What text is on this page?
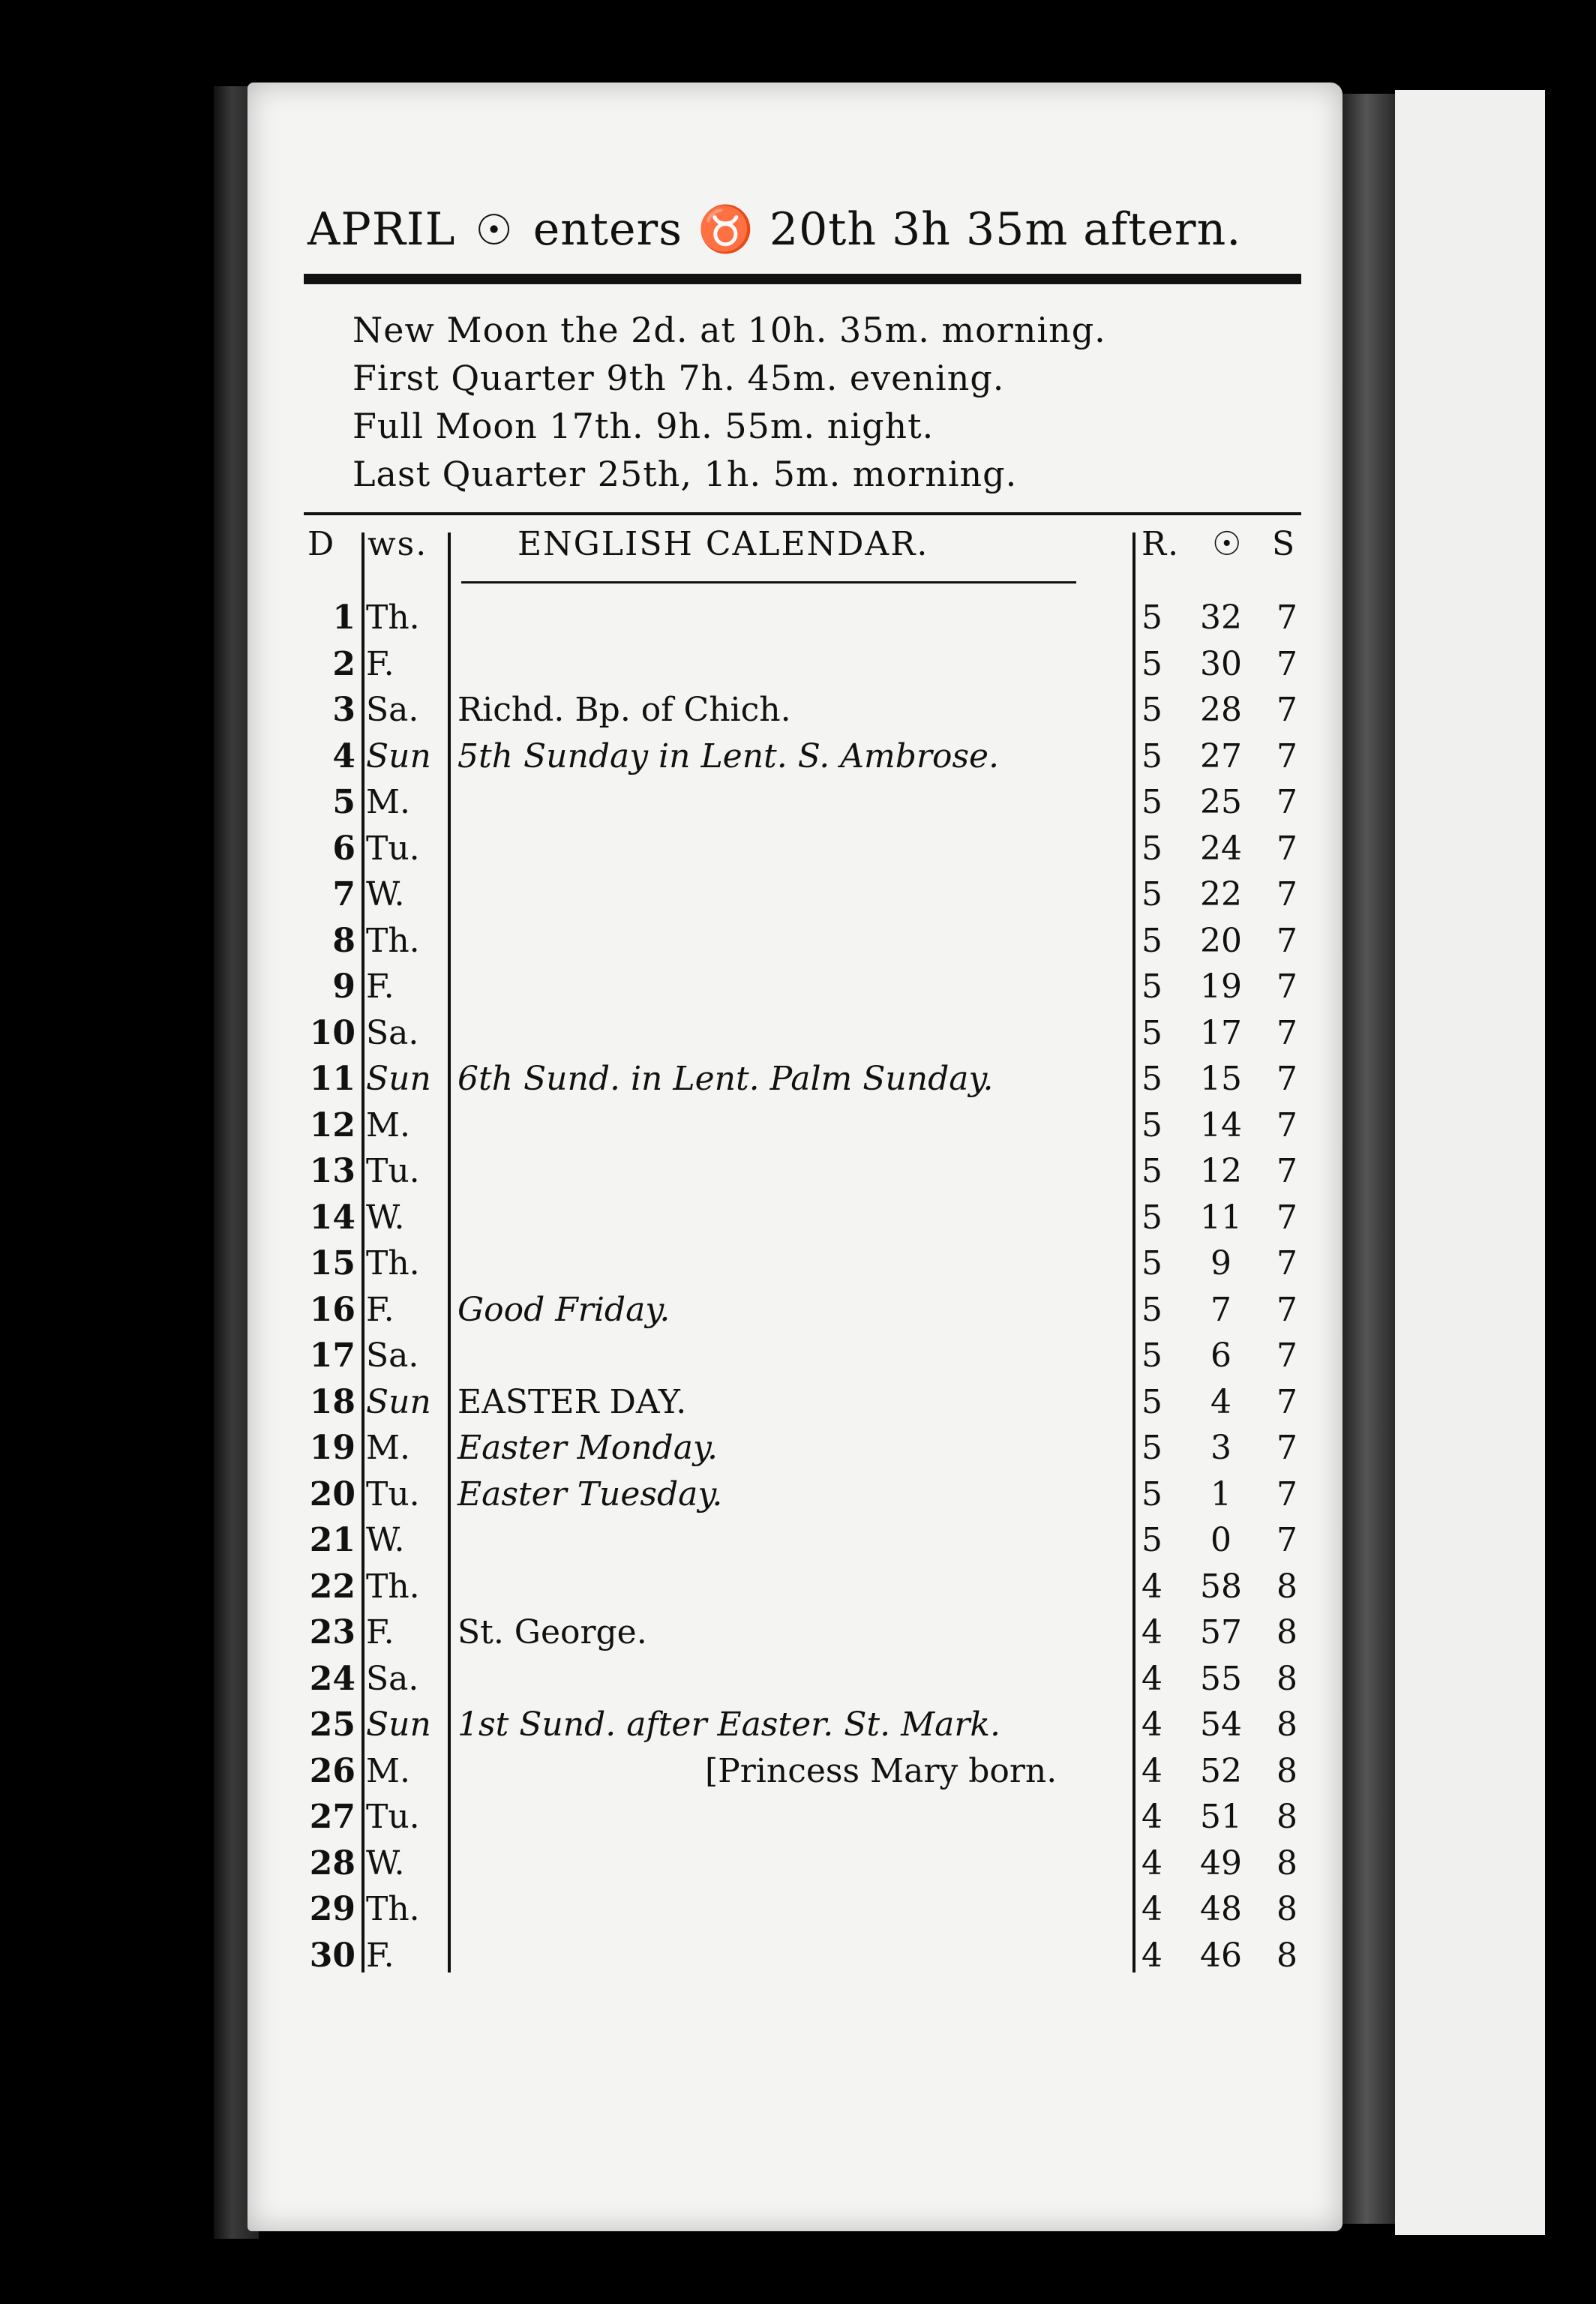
APRIL ☉ enters ♉ 20th 3h 35m aftern.
New Moon the 2d. at 10h. 35m. morning.
First Quarter 9th 7h. 45m. evening.
Full Moon 17th. 9h. 55m. night.
Last Quarter 25th, 1h. 5m. morning.
D ws.	ENGLISH CALENDAR.	R. ☉ S
1 Th.	5 32 7
2 F.	5 30 7
3 Sa. Richd. Bp. of Chich.	5 28 7
4 Sun 5th Sunday in Lent. S. Ambrose.	5 27 7
5 M.	5 25 7
6 Tu.	5 24 7
7 W.	5 22 7
8 Th.	5 20 7
9 F.	5 19 7
10 Sa.	5 17 7
11 Sun 6th Sund. in Lent. Palm Sunday.	5 15 7
12 M.	5 14 7
13 Tu.	5 12 7
14 W.	5 11 7
15 Th.	5	9	7
16 F. Good Friday.	5	7	7
17 Sa.	5	6	7
18 Sun EASTER DAY.	5	4	7
19 M. Easter Monday.	5	3	7
20 Tu. Easter Tuesday.	5	1	7
21 W.	5	0	7
22 Th.	4 58 8
23 F. St. George.	4 57 8
24 Sa.	4 55 8
25 Sun 1st Sund. after Easter. St. Mark.	4 54 8
26 M.	[Princess Mary born.	4 52 8
27 Tu.	4 51 8
28 W.	4 49 8
29 Th.	4 48 8
30 F.	4 46 8
